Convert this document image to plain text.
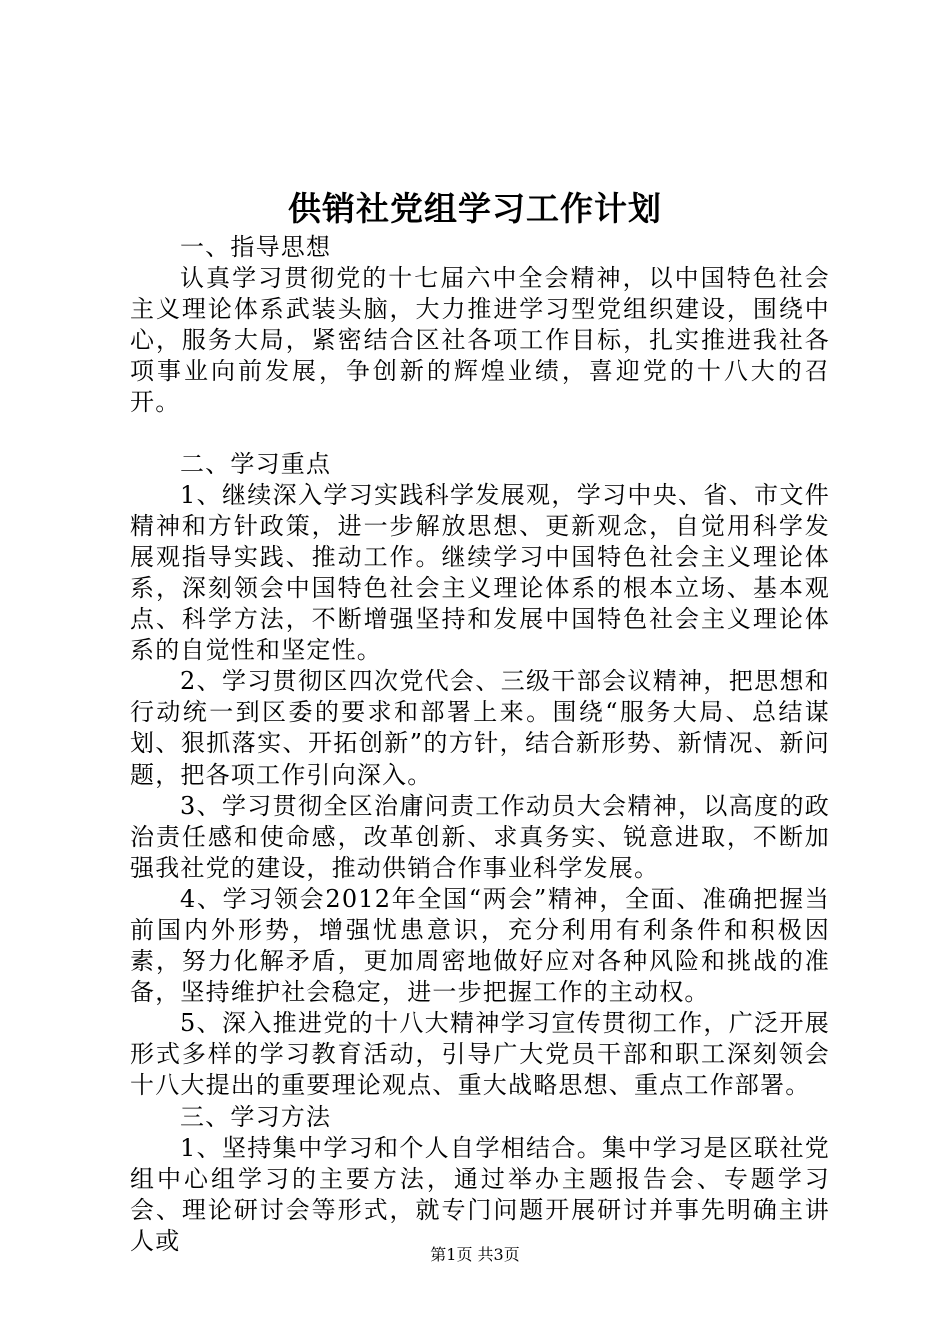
供销社党组学习工作计划

一、指导思想

认真学习贯彻党的十七届六中全会精神，以中国特色社会主义理论体系武装头脑，大力推进学习型党组织建设，围绕中心，服务大局，紧密结合区社各项工作目标，扎实推进我社各项事业向前发展，争创新的辉煌业绩，喜迎党的十八大的召开。

二、学习重点

1、继续深入学习实践科学发展观，学习中央、省、市文件精神和方针政策，进一步解放思想、更新观念，自觉用科学发展观指导实践、推动工作。继续学习中国特色社会主义理论体系，深刻领会中国特色社会主义理论体系的根本立场、基本观点、科学方法，不断增强坚持和发展中国特色社会主义理论体系的自觉性和坚定性。

2、学习贯彻区四次党代会、三级干部会议精神，把思想和行动统一到区委的要求和部署上来。围绕“服务大局、总结谋划、狠抓落实、开拓创新”的方针，结合新形势、新情况、新问题，把各项工作引向深入。

3、学习贯彻全区治庸问责工作动员大会精神，以高度的政治责任感和使命感，改革创新、求真务实、锐意进取，不断加强我社党的建设，推动供销合作事业科学发展。

4、学习领会2012年全国“两会”精神，全面、准确把握当前国内外形势，增强忧患意识，充分利用有利条件和积极因素，努力化解矛盾，更加周密地做好应对各种风险和挑战的准备，坚持维护社会稳定，进一步把握工作的主动权。

5、深入推进党的十八大精神学习宣传贯彻工作，广泛开展形式多样的学习教育活动，引导广大党员干部和职工深刻领会十八大提出的重要理论观点、重大战略思想、重点工作部署。

三、学习方法

1、坚持集中学习和个人自学相结合。集中学习是区联社党组中心组学习的主要方法，通过举办主题报告会、专题学习会、理论研讨会等形式，就专门问题开展研讨并事先明确主讲人或	第1页 共3页
